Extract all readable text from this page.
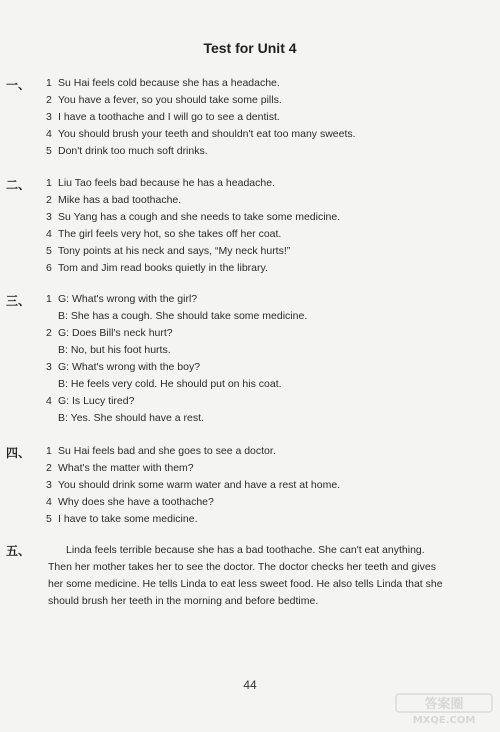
Test for Unit 4
一、 1 Su Hai feels cold because she has a headache.
2 You have a fever, so you should take some pills.
3 I have a toothache and I will go to see a dentist.
4 You should brush your teeth and shouldn't eat too many sweets.
5 Don't drink too much soft drinks.
二、 1 Liu Tao feels bad because he has a headache.
2 Mike has a bad toothache.
3 Su Yang has a cough and she needs to take some medicine.
4 The girl feels very hot, so she takes off her coat.
5 Tony points at his neck and says, “My neck hurts!”
6 Tom and Jim read books quietly in the library.
三、 1 G: What's wrong with the girl?
B: She has a cough. She should take some medicine.
2 G: Does Bill's neck hurt?
B: No, but his foot hurts.
3 G: What's wrong with the boy?
B: He feels very cold. He should put on his coat.
4 G: Is Lucy tired?
B: Yes. She should have a rest.
四、 1 Su Hai feels bad and she goes to see a doctor.
2 What's the matter with them?
3 You should drink some warm water and have a rest at home.
4 Why does she have a toothache?
5 I have to take some medicine.
五、	Linda feels terrible because she has a bad toothache. She can't eat anything. Then her mother takes her to see the doctor. The doctor checks her teeth and gives her some medicine. He tells Linda to eat less sweet food. He also tells Linda that she should brush her teeth in the morning and before bedtime.
44
答案圈
MXQE.COM
